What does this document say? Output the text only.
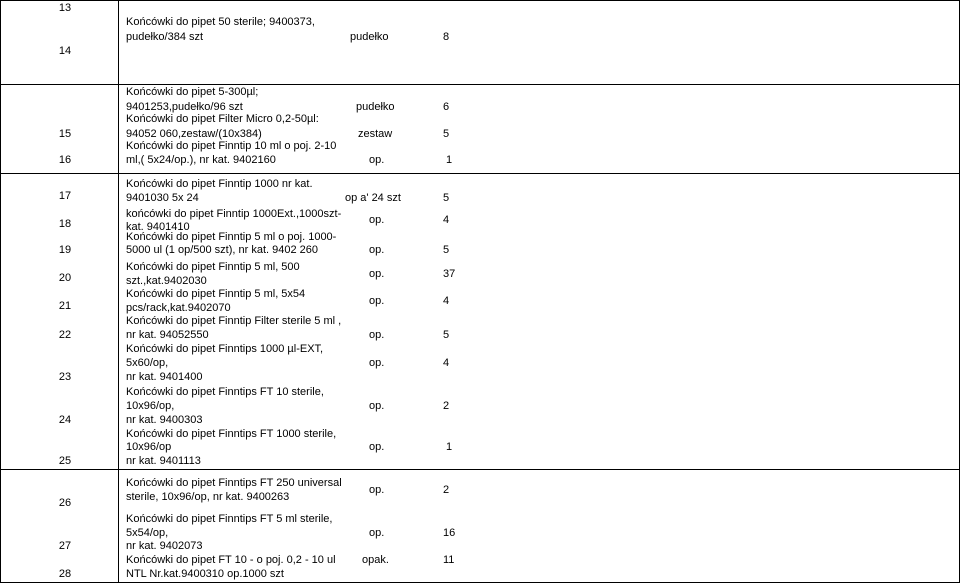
13
14
Końcówki do pipet 50 sterile; 9400373,
pudełko/384 szt	pudełko	8
Końcówki do pipet 5-300µl;
9401253,pudełko/96 szt	pudełko	6
15
Końcówki do pipet Filter Micro 0,2-50µl:
94052 060,zestaw/(10x384)	zestaw	5
16
Końcówki do pipet Finntip 10 ml o poj. 2-10
ml,( 5x24/op.), nr kat. 9402160	op.	1
17
Końcówki do pipet Finntip 1000 nr kat.
9401030 5x 24	op a' 24 szt	5
18
końcówki do pipet Finntip 1000Ext.,1000szt-
kat. 9401410
op.	4
19
Końcówki do pipet Finntip 5 ml o poj. 1000-
5000 ul (1 op/500 szt), nr kat. 9402 260	op.	5
20
Końcówki do pipet Finntip 5 ml, 500
szt.,kat.9402030
op.	37
21
Końcówki do pipet Finntip 5 ml, 5x54
pcs/rack,kat.9402070
op.	4
22
Końcówki do pipet Finntip Filter sterile 5 ml ,
nr kat. 94052550	op.	5
23
Końcówki do pipet Finntips 1000 µl-EXT,
5x60/op,
nr kat. 9401400
op.	4
24
Końcówki do pipet Finntips FT 10 sterile,
10x96/op,
nr kat. 9400303
op.	2
25
Końcówki do pipet Finntips FT 1000 sterile,
10x96/op
nr kat. 9401113
op.	1
26
Końcówki do pipet Finntips FT 250 universal
sterile, 10x96/op, nr kat. 9400263
op.	2
27
Końcówki do pipet Finntips FT 5 ml sterile,
5x54/op,
nr kat. 9402073
op.	16
28
Końcówki do pipet FT 10 - o poj. 0,2 - 10 ul
NTL Nr.kat.9400310 op.1000 szt
opak.	11
